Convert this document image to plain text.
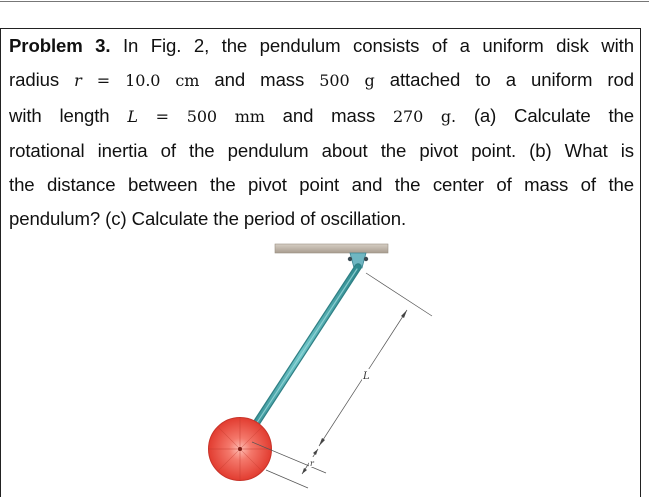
Problem 3. In Fig. 2, the pendulum consists of a uniform disk with
radius r = 10.0 cm and mass 500 g attached to a uniform rod
with length L = 500 mm and mass 270 g. (a) Calculate the
rotational inertia of the pendulum about the pivot point. (b) What is
the distance between the pivot point and the center of mass of the
pendulum? (c) Calculate the period of oscillation.
L
r
